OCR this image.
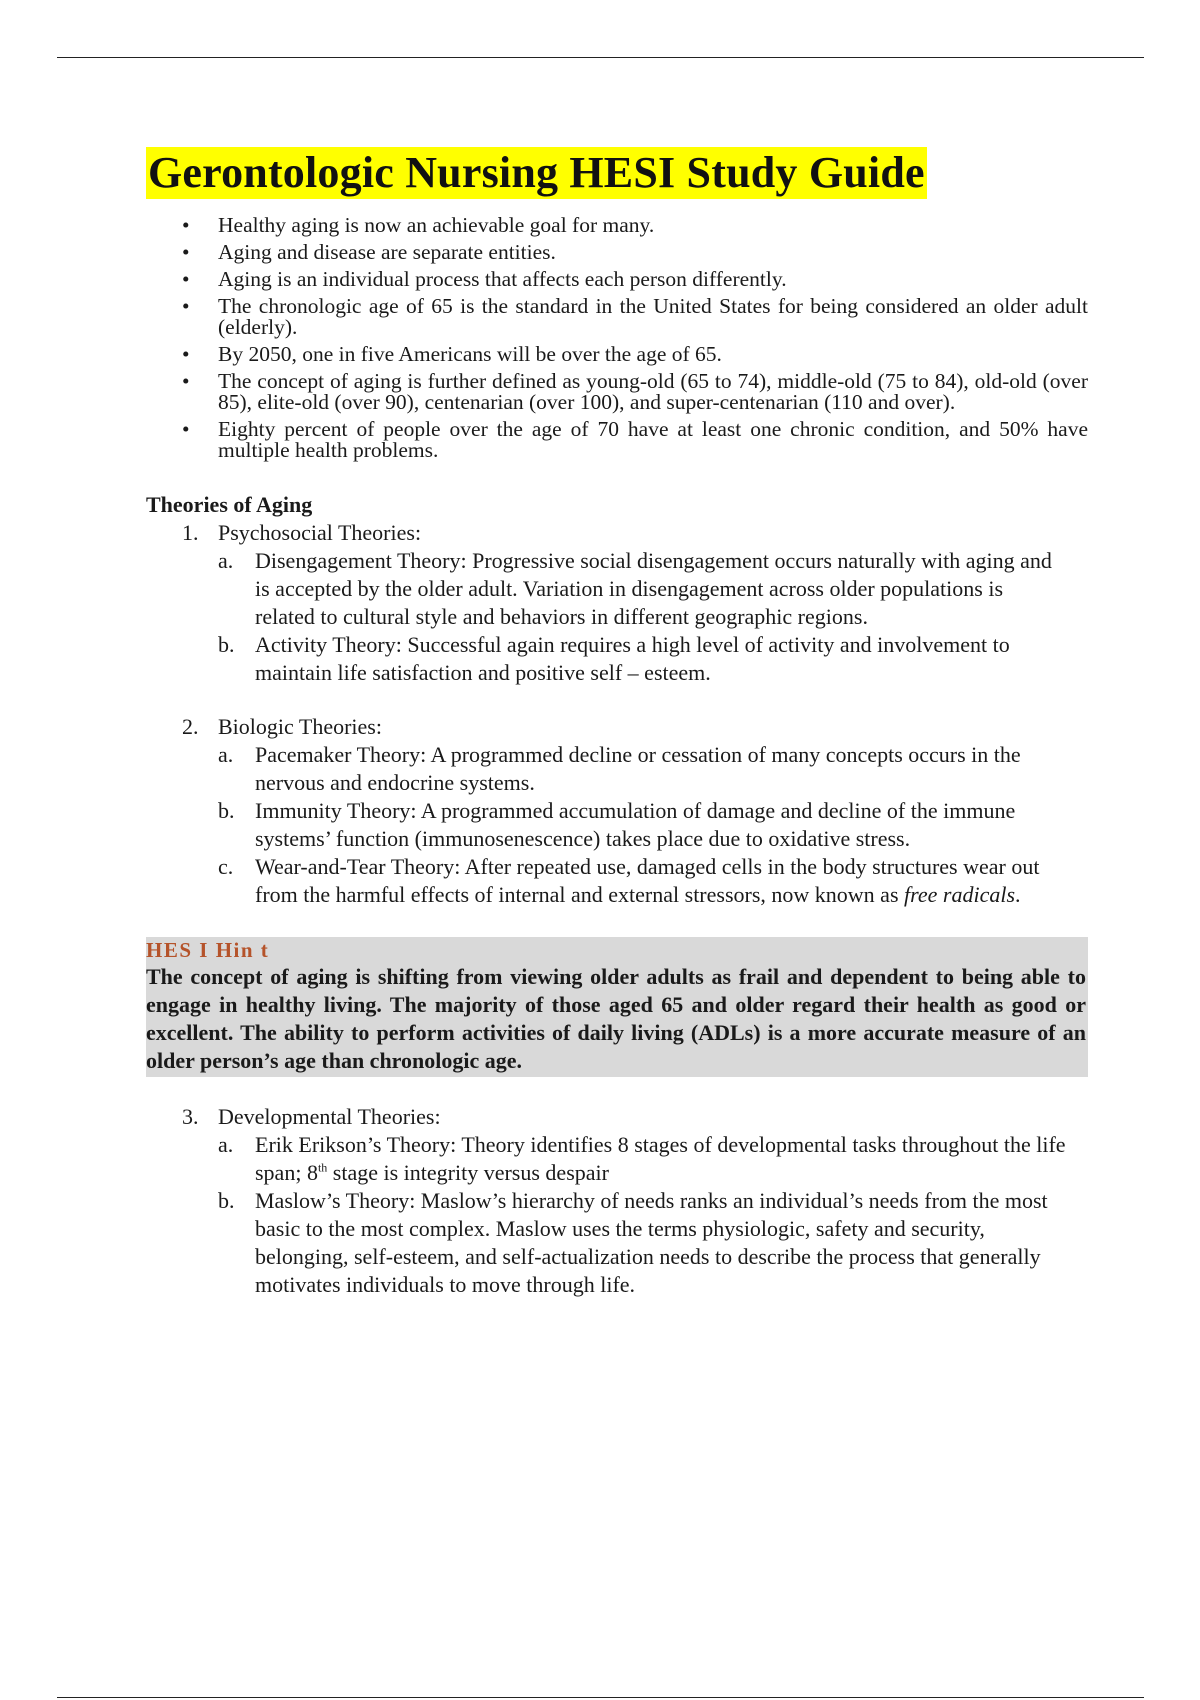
Gerontologic Nursing HESI Study Guide
• Healthy aging is now an achievable goal for many.
• Aging and disease are separate entities.
• Aging is an individual process that affects each person differently.
• The chronologic age of 65 is the standard in the United States for being considered an older adult (elderly).
• By 2050, one in five Americans will be over the age of 65.
• The concept of aging is further defined as young-old (65 to 74), middle-old (75 to 84), old-old (over 85), elite-old (over 90), centenarian (over 100), and super-centenarian (110 and over).
• Eighty percent of people over the age of 70 have at least one chronic condition, and 50% have multiple health problems.
Theories of Aging
1. Psychosocial Theories:
a. Disengagement Theory: Progressive social disengagement occurs naturally with aging and is accepted by the older adult. Variation in disengagement across older populations is related to cultural style and behaviors in different geographic regions.
b. Activity Theory: Successful again requires a high level of activity and involvement to maintain life satisfaction and positive self – esteem.
2. Biologic Theories:
a. Pacemaker Theory: A programmed decline or cessation of many concepts occurs in the nervous and endocrine systems.
b. Immunity Theory: A programmed accumulation of damage and decline of the immune systems’ function (immunosenescence) takes place due to oxidative stress.
c. Wear-and-Tear Theory: After repeated use, damaged cells in the body structures wear out from the harmful effects of internal and external stressors, now known as free radicals.
HES I Hin t
The concept of aging is shifting from viewing older adults as frail and dependent to being able to engage in healthy living. The majority of those aged 65 and older regard their health as good or excellent. The ability to perform activities of daily living (ADLs) is a more accurate measure of an older person’s age than chronologic age.
3. Developmental Theories:
a. Erik Erikson’s Theory: Theory identifies 8 stages of developmental tasks throughout the life span; 8th stage is integrity versus despair
b. Maslow’s Theory: Maslow’s hierarchy of needs ranks an individual’s needs from the most basic to the most complex. Maslow uses the terms physiologic, safety and security, belonging, self-esteem, and self-actualization needs to describe the process that generally motivates individuals to move through life.
